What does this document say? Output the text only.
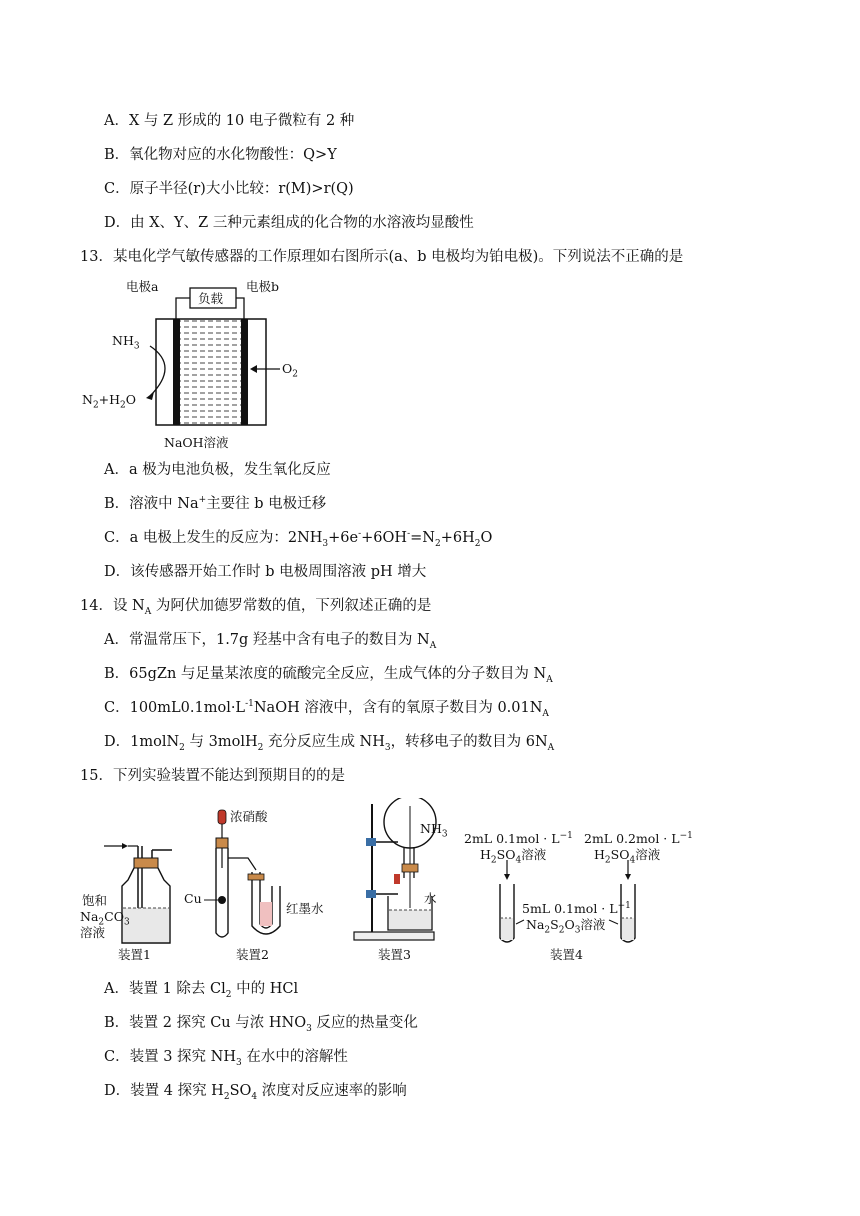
A．X 与 Z 形成的 10 电子微粒有 2 种
B．氧化物对应的水化物酸性：Q>Y
C．原子半径(r)大小比较：r(M)>r(Q)
D．由 X、Y、Z 三种元素组成的化合物的水溶液均显酸性
13．某电化学气敏传感器的工作原理如右图所示(a、b 电极均为铂电极)。下列说法不正确的是
电极a	电极b
负载
$NH_3$
$N_2+H_2O$
$O_2$
NaOH溶液
A．a 极为电池负极，发生氧化反应
B．溶液中 Na+主要往 b 电极迁移
C．a 电极上发生的反应为：$2NH_3+6e^-+6OH^-=N_2+6H_2O$
D．该传感器开始工作时 b 电极周围溶液 pH 增大
14．设 $N_A$ 为阿伏加德罗常数的值，下列叙述正确的是
A．常温常压下，1.7g 羟基中含有电子的数目为 $N_A$
B．65gZn 与足量某浓度的硫酸完全反应，生成气体的分子数目为 $N_A$
C．$100mL0.1mol\cdot L^{-1}NaOH$ 溶液中，含有的氧原子数目为 $0.01N_A$
D．1molN$_2$ 与 3molH$_2$ 充分反应生成 $NH_3$，转移电子的数目为 $6N_A$
15．下列实验装置不能达到预期目的的是
饱和
$Na_2CO_3$
溶液
装置1
浓硝酸
Cu
红墨水
装置2
$NH_3$
水
装置3
2mL $0.1mol \cdot L^{-1}$
$H_2SO_4$溶液
2mL $0.2mol \cdot L^{-1}$
$H_2SO_4$溶液
5mL $0.1mol \cdot L^{-1}$
$Na_2S_2O_3$溶液
装置4
A．装置 1 除去 $Cl_2$ 中的 HCl
B．装置 2 探究 Cu 与浓 $HNO_3$ 反应的热量变化
C．装置 3 探究 $NH_3$ 在水中的溶解性
D．装置 4 探究 $H_2SO_4$ 浓度对反应速率的影响
